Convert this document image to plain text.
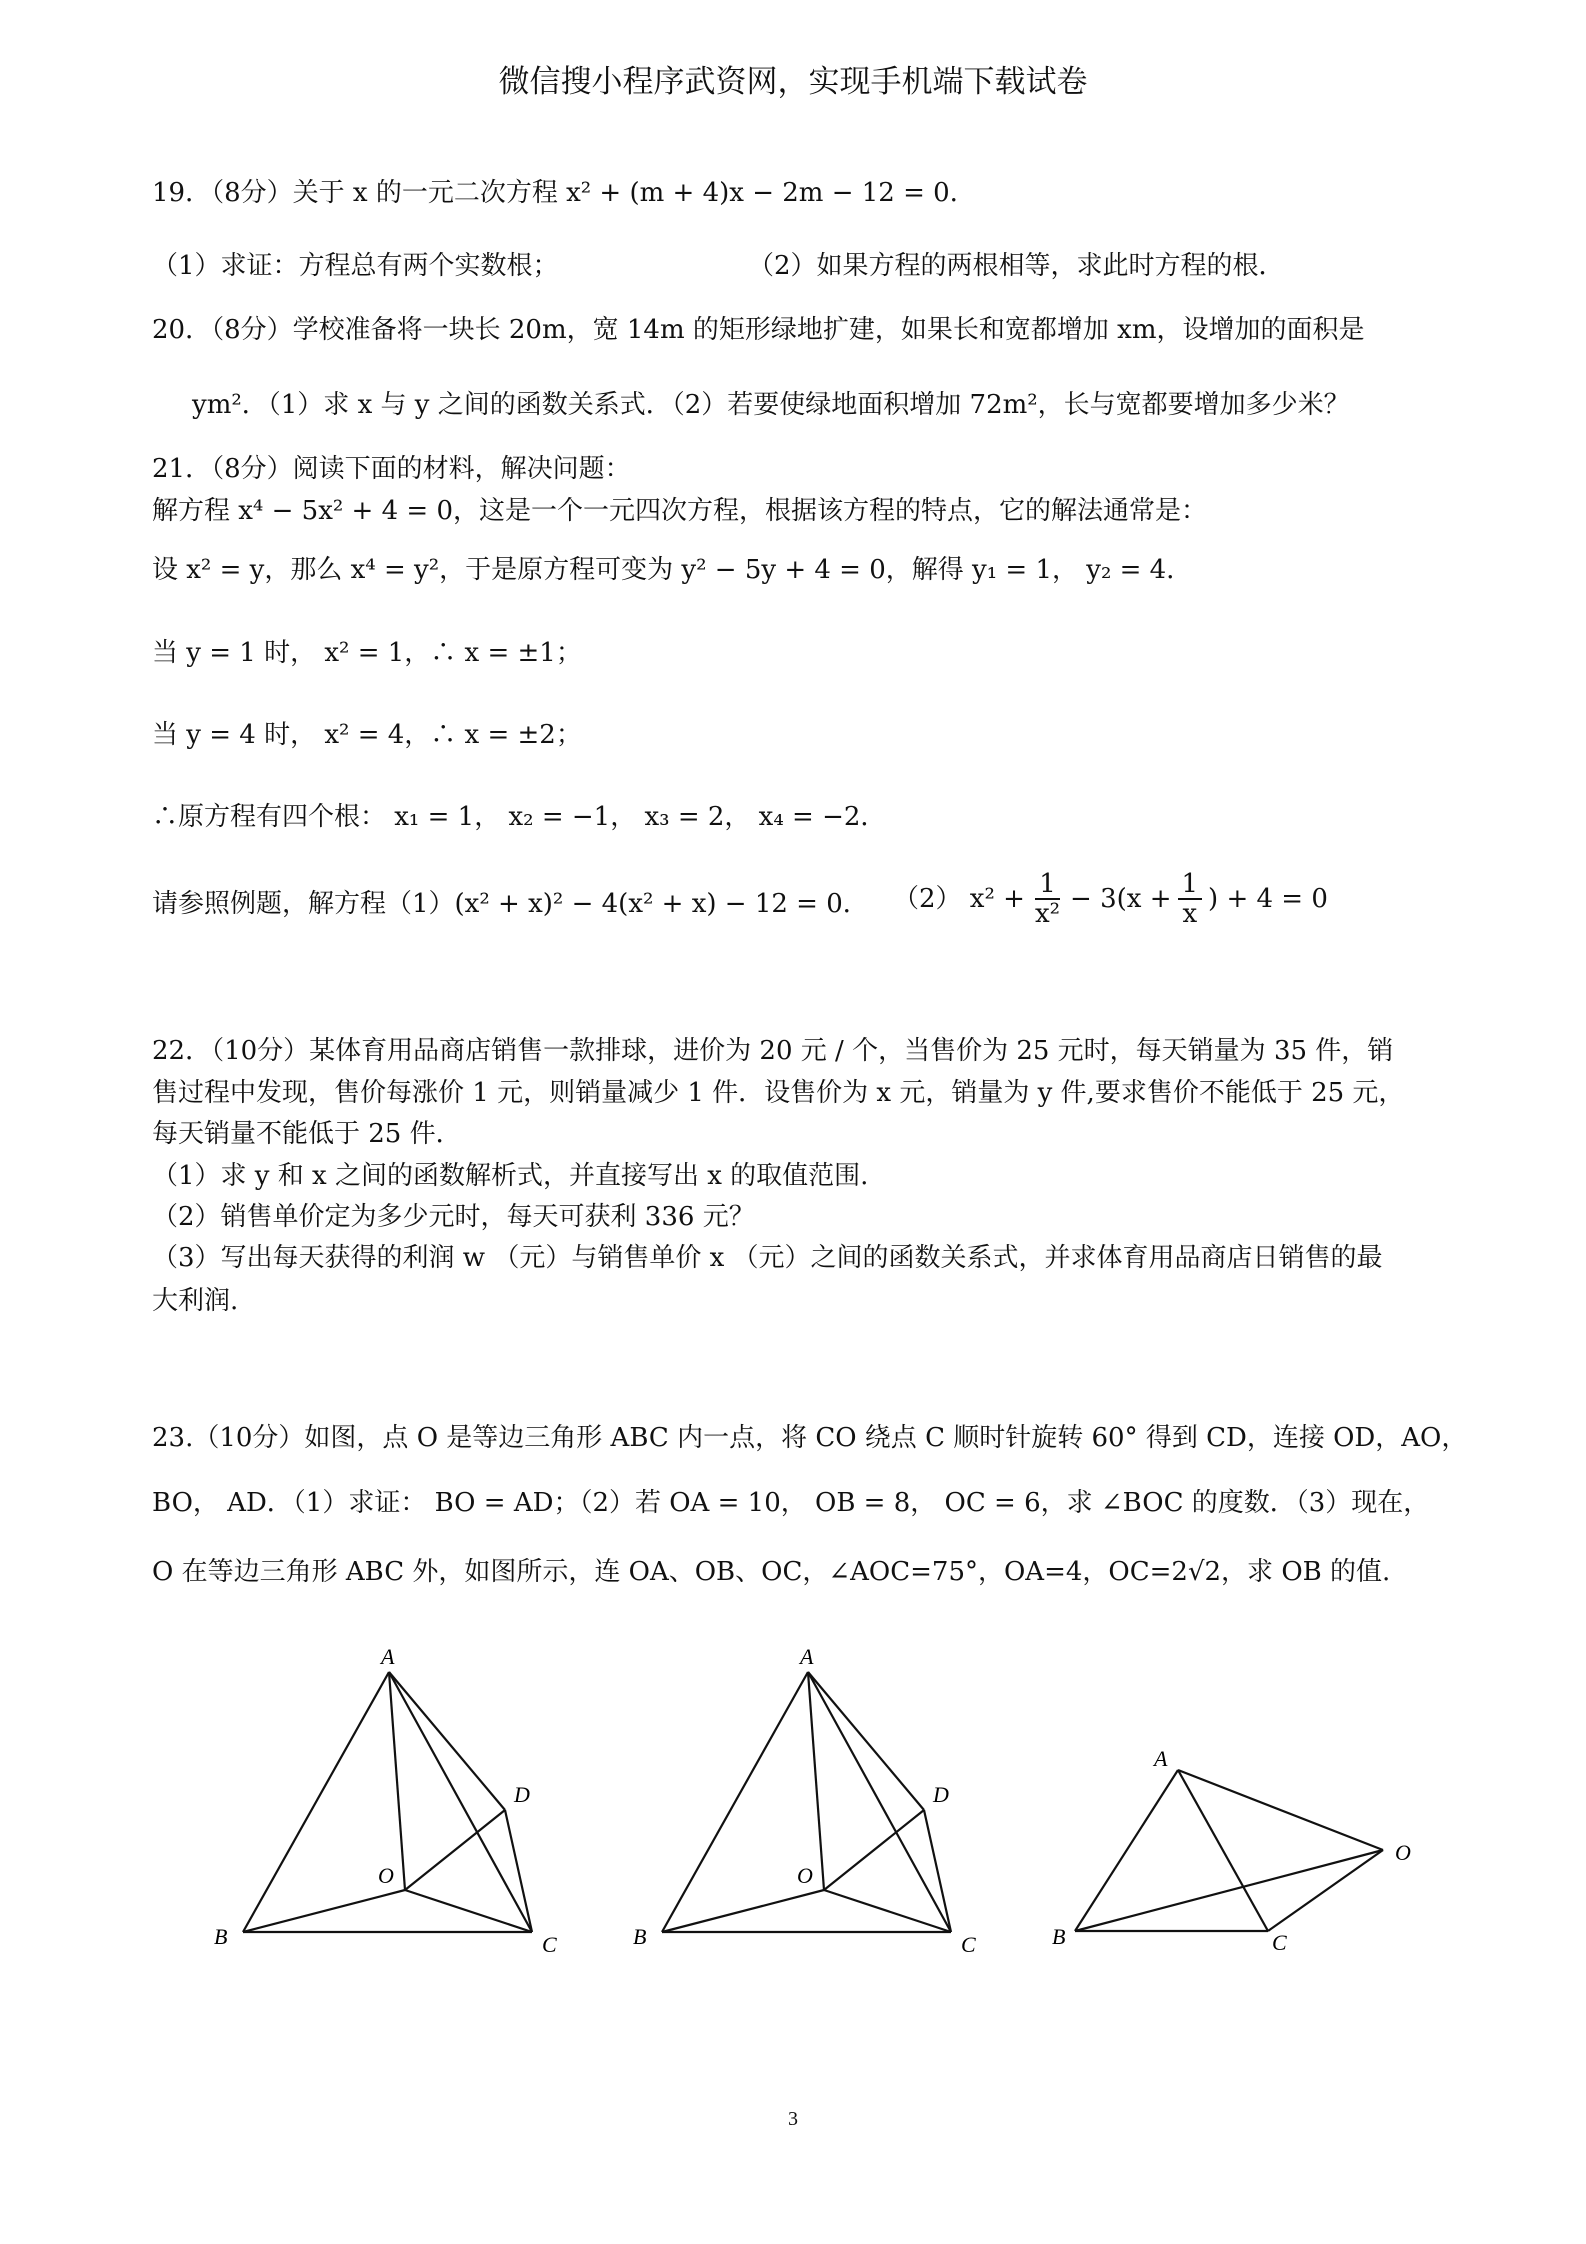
微信搜小程序武资网，实现手机端下载试卷
19．（8分）关于 x 的一元二次方程 x² + (m + 4)x − 2m − 12 = 0．
（1）求证：方程总有两个实数根；	（2）如果方程的两根相等，求此时方程的根．
20．（8分）学校准备将一块长 20m，宽 14m 的矩形绿地扩建，如果长和宽都增加 xm，设增加的面积是
ym²．（1）求 x 与 y 之间的函数关系式．（2）若要使绿地面积增加 72m²，长与宽都要增加多少米？
21．（8分）阅读下面的材料，解决问题：
解方程 x⁴ − 5x² + 4 = 0，这是一个一元四次方程，根据该方程的特点，它的解法通常是：
设 x² = y，那么 x⁴ = y²，于是原方程可变为 y² − 5y + 4 = 0，解得 y₁ = 1， y₂ = 4．
当 y = 1 时， x² = 1，∴ x = ±1；
当 y = 4 时， x² = 4，∴ x = ±2；
∴原方程有四个根： x₁ = 1， x₂ = −1， x₃ = 2， x₄ = −2．
请参照例题，解方程（1）(x² + x)² − 4(x² + x) − 12 = 0． （2） $x^2 + \frac{1}{\text{x²}} - 3(x + \frac{1}{x}$ ) + 4 = 0
22．（10分）某体育用品商店销售一款排球，进价为 20 元 / 个，当售价为 25 元时，每天销量为 35 件，销
售过程中发现，售价每涨价 1 元，则销量减少 1 件．设售价为 x 元，销量为 y 件,要求售价不能低于 25 元，
每天销量不能低于 25 件．
（1）求 y 和 x 之间的函数解析式，并直接写出 x 的取值范围.
（2）销售单价定为多少元时，每天可获利 336 元？
（3）写出每天获得的利润 w （元）与销售单价 x （元）之间的函数关系式，并求体育用品商店日销售的最
大利润.
23.（10分）如图，点 O 是等边三角形 ABC 内一点，将 CO 绕点 C 顺时针旋转 60° 得到 CD，连接 OD，AO，
BO， AD．（1）求证： BO = AD；（2）若 OA = 10， OB = 8， OC = 6，求 ∠BOC 的度数．（3）现在，
O 在等边三角形 ABC 外，如图所示，连 OA、OB、OC，∠AOC=75°，OA=4，OC=2√2，求 OB 的值.
A
B	C
D
O
A
B	C
D
O
A
B	C
O
3
